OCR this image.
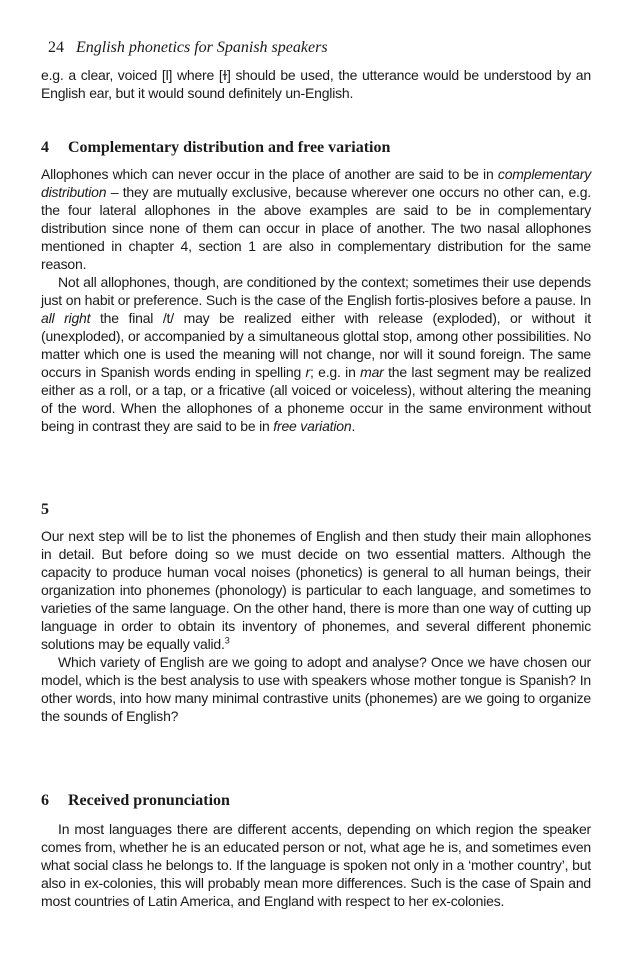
24 English phonetics for Spanish speakers

e.g. a clear, voiced [l] where [ɫ] should be used, the utterance would be understood by an English ear, but it would sound definitely un-English.

4 Complementary distribution and free variation

Allophones which can never occur in the place of another are said to be in complementary distribution – they are mutually exclusive, because wherever one occurs no other can, e.g. the four lateral allophones in the above examples are said to be in complementary distribution since none of them can occur in place of another. The two nasal allophones mentioned in chapter 4, section 1 are also in complementary distribution for the same reason.

Not all allophones, though, are conditioned by the context; sometimes their use depends just on habit or preference. Such is the case of the English fortis-plosives before a pause. In all right the final /t/ may be realized either with release (exploded), or without it (unexploded), or accompanied by a simultaneous glottal stop, among other possibilities. No matter which one is used the meaning will not change, nor will it sound foreign. The same occurs in Spanish words ending in spelling r; e.g. in mar the last segment may be realized either as a roll, or a tap, or a fricative (all voiced or voiceless), without altering the meaning of the word. When the allophones of a phoneme occur in the same environment without being in contrast they are said to be in free variation.

5

Our next step will be to list the phonemes of English and then study their main allophones in detail. But before doing so we must decide on two essential matters. Although the capacity to produce human vocal noises (phonetics) is general to all human beings, their organization into phonemes (phonology) is particular to each language, and sometimes to varieties of the same language. On the other hand, there is more than one way of cutting up language in order to obtain its inventory of phonemes, and several different phonemic solutions may be equally valid.$^3$

Which variety of English are we going to adopt and analyse? Once we have chosen our model, which is the best analysis to use with speakers whose mother tongue is Spanish? In other words, into how many minimal contrastive units (phonemes) are we going to organize the sounds of English?

6 Received pronunciation

In most languages there are different accents, depending on which region the speaker comes from, whether he is an educated person or not, what age he is, and sometimes even what social class he belongs to. If the language is spoken not only in a ‘mother country’, but also in ex-colonies, this will probably mean more differences. Such is the case of Spain and most countries of Latin America, and England with respect to her ex-colonies.
